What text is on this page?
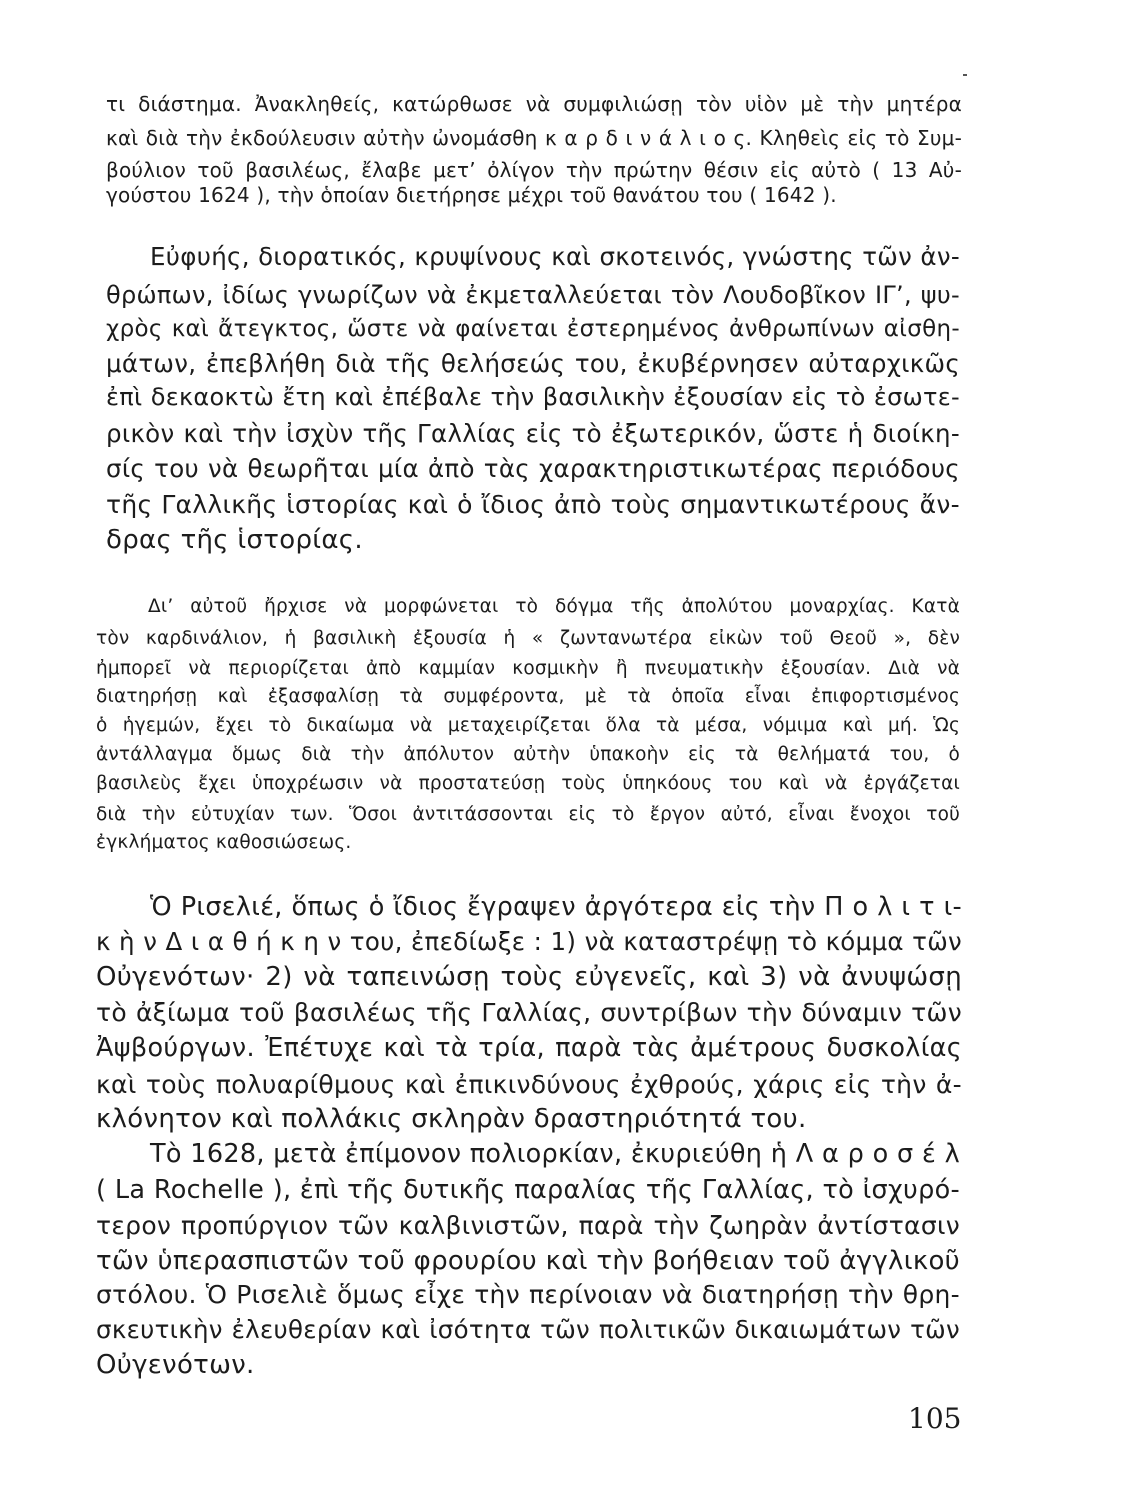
τι διάστημα. Ἀνακληθείς, κατώρθωσε νὰ συμφιλιώσῃ τὸν υἱὸν μὲ τὴν μητέρα
καὶ διὰ τὴν ἐκδούλευσιν αὐτὴν ὠνομάσθη κ α ρ δ ι ν ά λ ι ο ς. Κληθεὶς εἰς τὸ Συμ-
βούλιον τοῦ βασιλέως, ἔλαβε μετ’ ὀλίγον τὴν πρώτην θέσιν εἰς αὐτὸ ( 13 Αὐ-
γούστου 1624 ), τὴν ὁποίαν διετήρησε μέχρι τοῦ θανάτου του ( 1642 ).
Εὐφυής, διορατικός, κρυψίνους καὶ σκοτεινός, γνώστης τῶν ἀν-
θρώπων, ἰδίως γνωρίζων νὰ ἐκμεταλλεύεται τὸν Λουδοβῖκον ΙΓ’, ψυ-
χρὸς καὶ ἄτεγκτος, ὥστε νὰ φαίνεται ἐστερημένος ἀνθρωπίνων αἰσθη-
μάτων, ἐπεβλήθη διὰ τῆς θελήσεώς του, ἐκυβέρνησεν αὐταρχικῶς
ἐπὶ δεκαοκτὼ ἔτη καὶ ἐπέβαλε τὴν βασιλικὴν ἐξουσίαν εἰς τὸ ἐσωτε-
ρικὸν καὶ τὴν ἰσχὺν τῆς Γαλλίας εἰς τὸ ἐξωτερικόν, ὥστε ἡ διοίκη-
σίς του νὰ θεωρῆται μία ἀπὸ τὰς χαρακτηριστικωτέρας περιόδους
τῆς Γαλλικῆς ἱστορίας καὶ ὁ ἴδιος ἀπὸ τοὺς σημαντικωτέρους ἄν-
δρας τῆς ἱστορίας.
Δι’ αὐτοῦ ἤρχισε νὰ μορφώνεται τὸ δόγμα τῆς ἀπολύτου μοναρχίας. Κατὰ
τὸν καρδινάλιον, ἡ βασιλικὴ ἐξουσία ἡ « ζωντανωτέρα εἰκὼν τοῦ Θεοῦ », δὲν
ἠμπορεῖ νὰ περιορίζεται ἀπὸ καμμίαν κοσμικὴν ἢ πνευματικὴν ἐξουσίαν. Διὰ νὰ
διατηρήσῃ καὶ ἐξασφαλίσῃ τὰ συμφέροντα, μὲ τὰ ὁποῖα εἶναι ἐπιφορτισμένος
ὁ ἡγεμών, ἔχει τὸ δικαίωμα νὰ μεταχειρίζεται ὅλα τὰ μέσα, νόμιμα καὶ μή. Ὡς
ἀντάλλαγμα ὅμως διὰ τὴν ἀπόλυτον αὐτὴν ὑπακοὴν εἰς τὰ θελήματά του, ὁ
βασιλεὺς ἔχει ὑποχρέωσιν νὰ προστατεύσῃ τοὺς ὑπηκόους του καὶ νὰ ἐργάζεται
διὰ τὴν εὐτυχίαν των. Ὅσοι ἀντιτάσσονται εἰς τὸ ἔργον αὐτό, εἶναι ἔνοχοι τοῦ
ἐγκλήματος καθοσιώσεως.
Ὁ Ρισελιέ, ὅπως ὁ ἴδιος ἔγραψεν ἀργότερα εἰς τὴν Π ο λ ι τ ι-
κ ὴ ν Δ ι α θ ή κ η ν του, ἐπεδίωξε : 1) νὰ καταστρέψῃ τὸ κόμμα τῶν
Οὐγενότων· 2) νὰ ταπεινώσῃ τοὺς εὐγενεῖς, καὶ 3) νὰ ἀνυψώσῃ
τὸ ἀξίωμα τοῦ βασιλέως τῆς Γαλλίας, συντρίβων τὴν δύναμιν τῶν
Ἀψβούργων. Ἐπέτυχε καὶ τὰ τρία, παρὰ τὰς ἀμέτρους δυσκολίας
καὶ τοὺς πολυαρίθμους καὶ ἐπικινδύνους ἐχθρούς, χάρις εἰς τὴν ἀ-
κλόνητον καὶ πολλάκις σκληρὰν δραστηριότητά του.
Τὸ 1628, μετὰ ἐπίμονον πολιορκίαν, ἐκυριεύθη ἡ Λ α ρ ο σ έ λ
( La Rochelle ), ἐπὶ τῆς δυτικῆς παραλίας τῆς Γαλλίας, τὸ ἰσχυρό-
τερον προπύργιον τῶν καλβινιστῶν, παρὰ τὴν ζωηρὰν ἀντίστασιν
τῶν ὑπερασπιστῶν τοῦ φρουρίου καὶ τὴν βοήθειαν τοῦ ἀγγλικοῦ
στόλου. Ὁ Ρισελιὲ ὅμως εἶχε τὴν περίνοιαν νὰ διατηρήσῃ τὴν θρη-
σκευτικὴν ἐλευθερίαν καὶ ἰσότητα τῶν πολιτικῶν δικαιωμάτων τῶν
Οὐγενότων.
105
